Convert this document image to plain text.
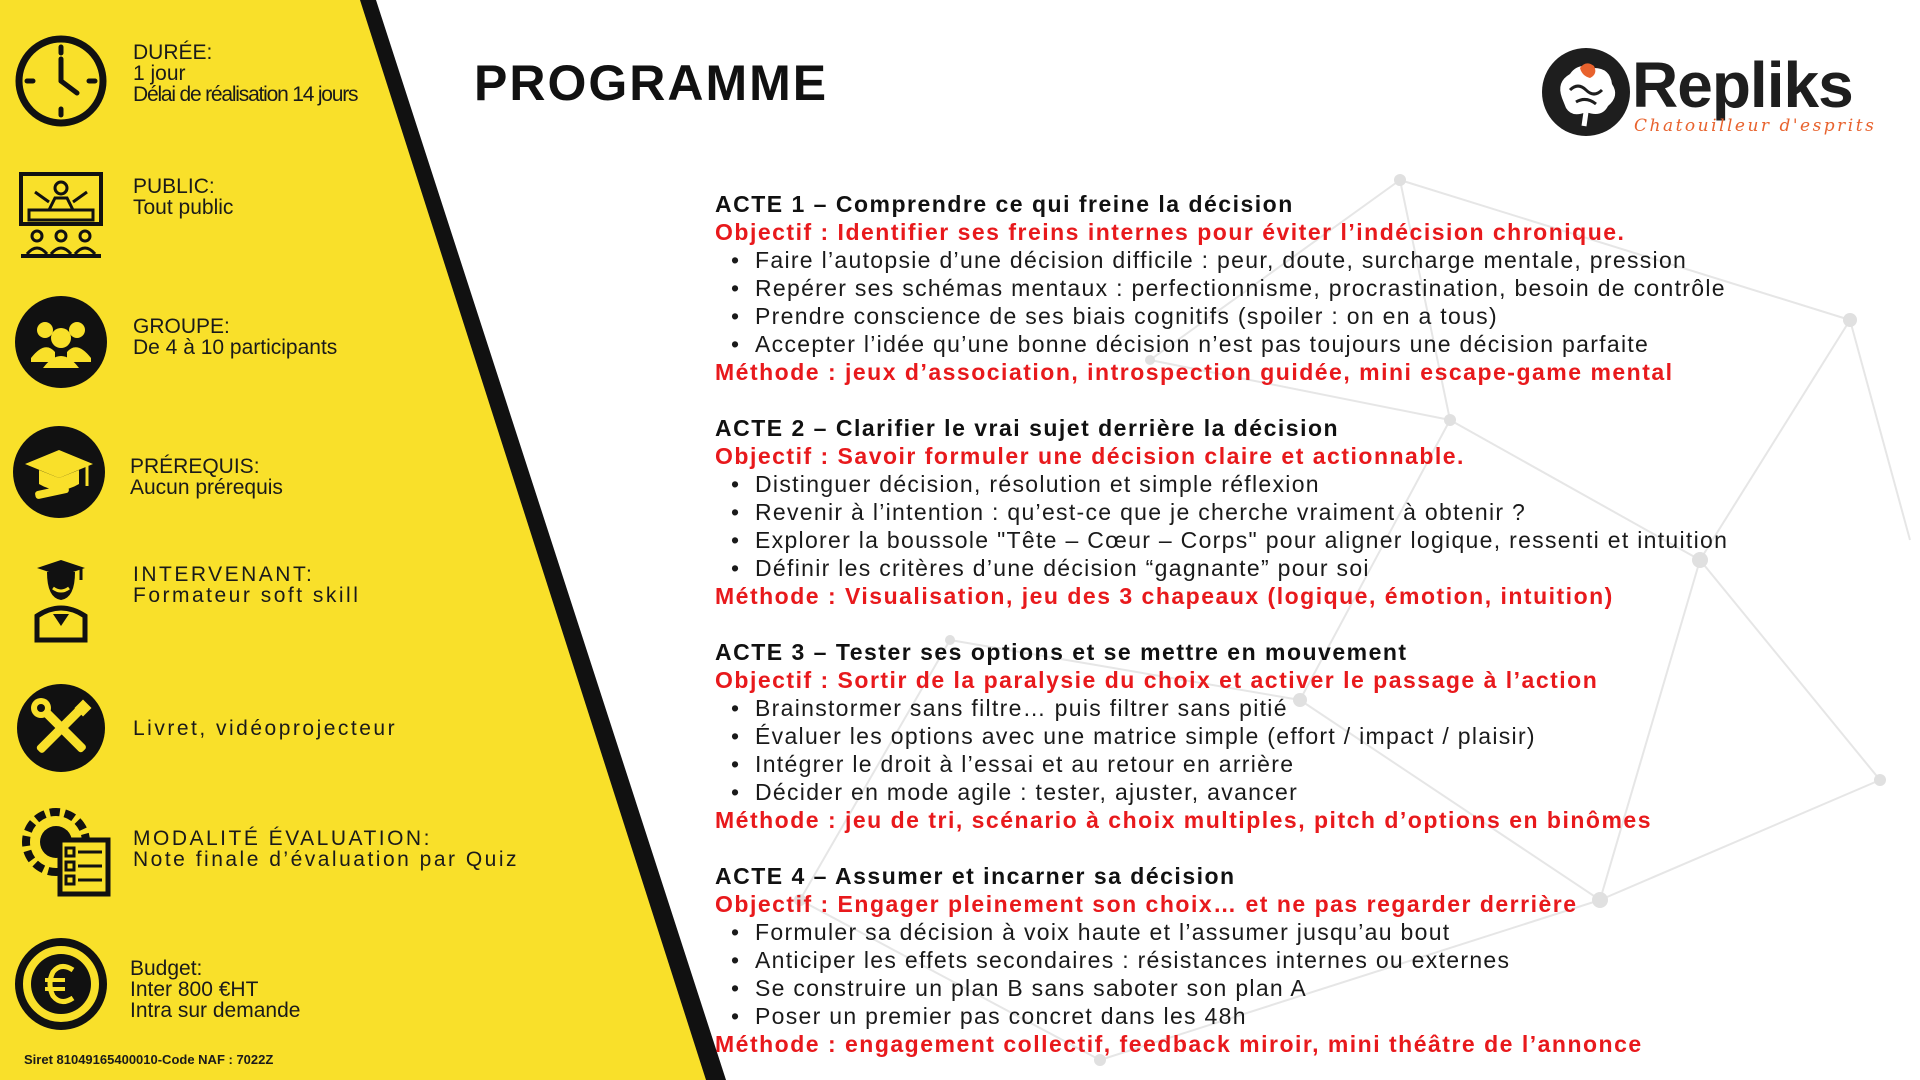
DURÉE:
1 jour
Délai de réalisation 14 jours
PUBLIC:
Tout public
GROUPE:
De 4 à 10 participants
PRÉREQUIS:
Aucun prérequis
INTERVENANT:
Formateur soft skill
Livret, vidéoprojecteur
MODALITÉ ÉVALUATION:
Note finale d’évaluation par Quiz
Budget:
Inter 800 €HT
Intra sur demande
Siret 81049165400010-Code NAF : 7022Z
PROGRAMME	Repliks
Chatouilleur d'esprits
ACTE 1 – Comprendre ce qui freine la décision
Objectif : Identifier ses freins internes pour éviter l’indécision chronique.
• Faire l’autopsie d’une décision difficile : peur, doute, surcharge mentale, pression
• Repérer ses schémas mentaux : perfectionnisme, procrastination, besoin de contrôle
• Prendre conscience de ses biais cognitifs (spoiler : on en a tous)
• Accepter l’idée qu’une bonne décision n’est pas toujours une décision parfaite
Méthode : jeux d’association, introspection guidée, mini escape-game mental
ACTE 2 – Clarifier le vrai sujet derrière la décision
Objectif : Savoir formuler une décision claire et actionnable.
• Distinguer décision, résolution et simple réflexion
• Revenir à l’intention : qu’est-ce que je cherche vraiment à obtenir ?
• Explorer la boussole "Tête – Cœur – Corps" pour aligner logique, ressenti et intuition
• Définir les critères d’une décision “gagnante” pour soi
Méthode : Visualisation, jeu des 3 chapeaux (logique, émotion, intuition)
ACTE 3 – Tester ses options et se mettre en mouvement
Objectif : Sortir de la paralysie du choix et activer le passage à l’action
• Brainstormer sans filtre… puis filtrer sans pitié
• Évaluer les options avec une matrice simple (effort / impact / plaisir)
• Intégrer le droit à l’essai et au retour en arrière
• Décider en mode agile : tester, ajuster, avancer
Méthode : jeu de tri, scénario à choix multiples, pitch d’options en binômes
ACTE 4 – Assumer et incarner sa décision
Objectif : Engager pleinement son choix… et ne pas regarder derrière
• Formuler sa décision à voix haute et l’assumer jusqu’au bout
• Anticiper les effets secondaires : résistances internes ou externes
• Se construire un plan B sans saboter son plan A
• Poser un premier pas concret dans les 48h
Méthode : engagement collectif, feedback miroir, mini théâtre de l’annonce
